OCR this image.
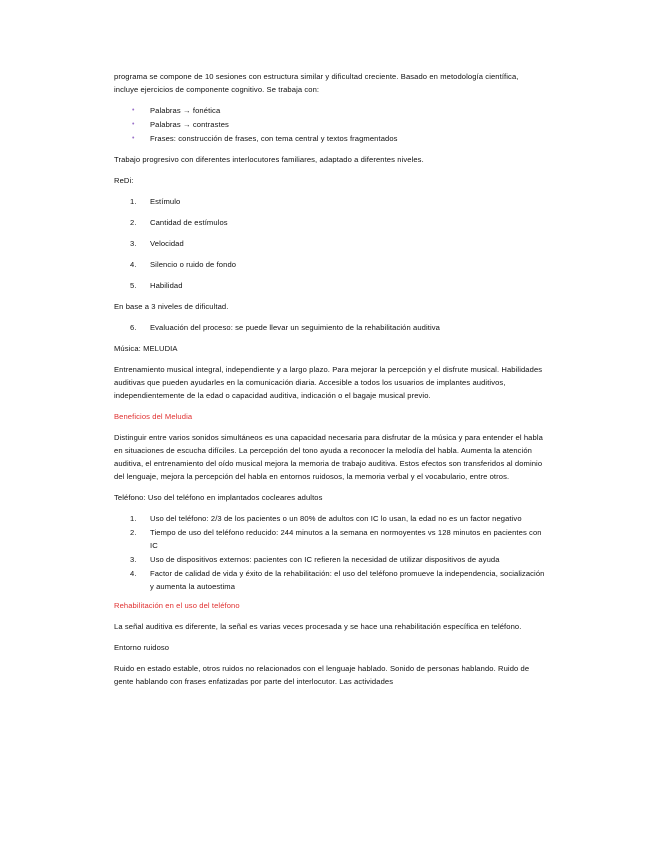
programa se compone de 10 sesiones con estructura similar y dificultad creciente. Basado en metodología científica, incluye ejercicios de componente cognitivo. Se trabaja con:

• Palabras → fonética
• Palabras → contrastes
• Frases: construcción de frases, con tema central y textos fragmentados

Trabajo progresivo con diferentes interlocutores familiares, adaptado a diferentes niveles.

ReDi:

1. Estímulo
2. Cantidad de estímulos
3. Velocidad
4. Silencio o ruido de fondo
5. Habilidad

En base a 3 niveles de dificultad.

6. Evaluación del proceso: se puede llevar un seguimiento de la rehabilitación auditiva

Música: MELUDIA

Entrenamiento musical integral, independiente y a largo plazo. Para mejorar la percepción y el disfrute musical. Habilidades auditivas que pueden ayudarles en la comunicación diaria. Accesible a todos los usuarios de implantes auditivos, independientemente de la edad o capacidad auditiva, indicación o el bagaje musical previo.

Beneficios del Meludia

Distinguir entre varios sonidos simultáneos es una capacidad necesaria para disfrutar de la música y para entender el habla en situaciones de escucha difíciles. La percepción del tono ayuda a reconocer la melodía del habla. Aumenta la atención auditiva, el entrenamiento del oído musical mejora la memoria de trabajo auditiva. Estos efectos son transferidos al dominio del lenguaje, mejora la percepción del habla en entornos ruidosos, la memoria verbal y el vocabulario, entre otros.

Teléfono: Uso del teléfono en implantados cocleares adultos

1. Uso del teléfono: 2/3 de los pacientes o un 80% de adultos con IC lo usan, la edad no es un factor negativo
2. Tiempo de uso del teléfono reducido: 244 minutos a la semana en normoyentes vs 128 minutos en pacientes con IC
3. Uso de dispositivos externos: pacientes con IC refieren la necesidad de utilizar dispositivos de ayuda
4. Factor de calidad de vida y éxito de la rehabilitación: el uso del teléfono promueve la independencia, socialización y aumenta la autoestima

Rehabilitación en el uso del teléfono

La señal auditiva es diferente, la señal es varias veces procesada y se hace una rehabilitación específica en teléfono.

Entorno ruidoso

Ruido en estado estable, otros ruidos no relacionados con el lenguaje hablado. Sonido de personas hablando. Ruido de gente hablando con frases enfatizadas por parte del interlocutor. Las actividades
